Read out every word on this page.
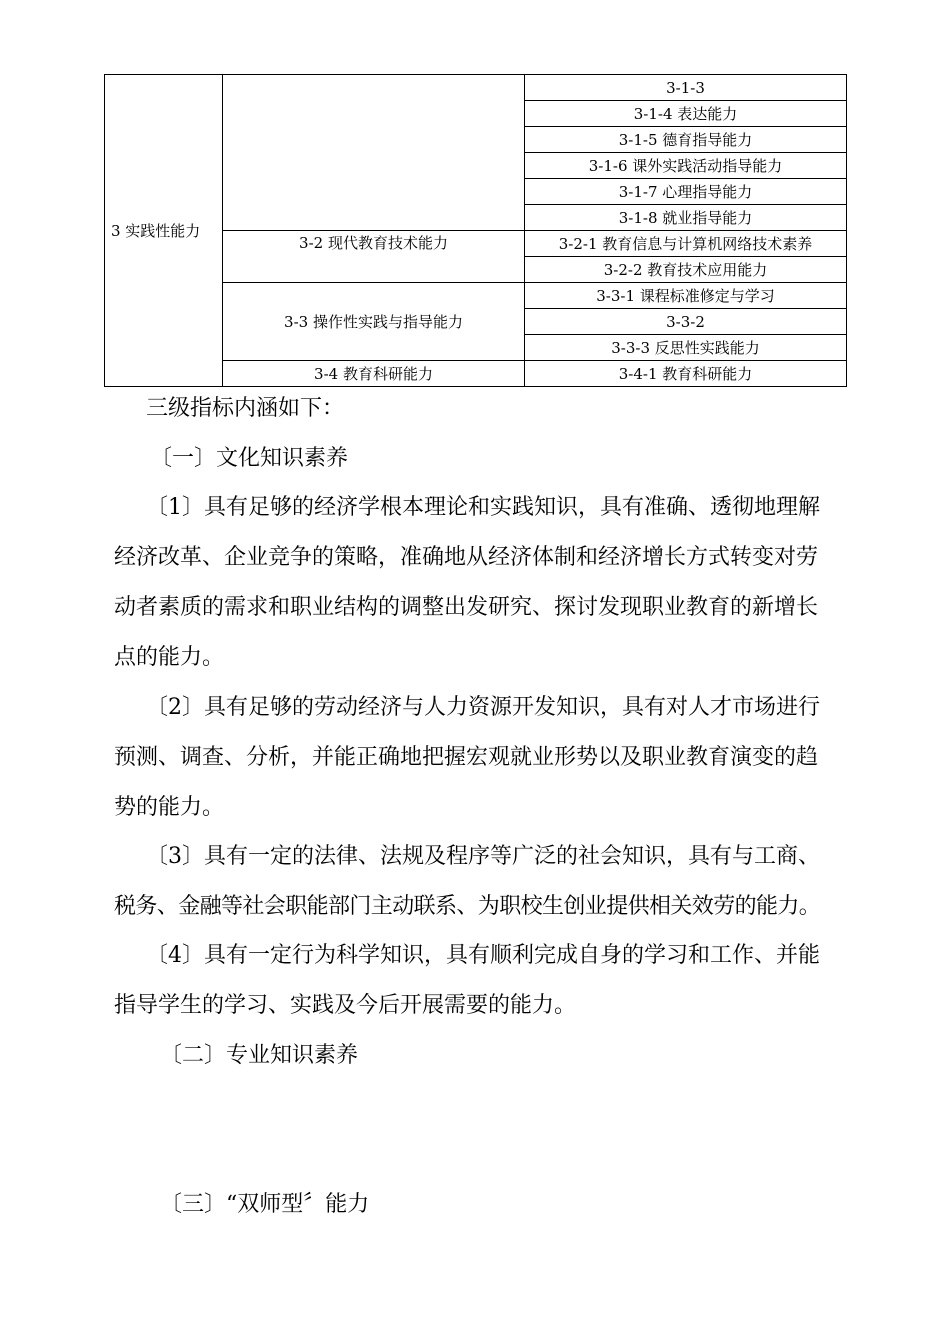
3 实践性能力		3-1-3
		3-1-4 表达能力
		3-1-5 德育指导能力
		3-1-6 课外实践活动指导能力
		3-1-7 心理指导能力
		3-1-8 就业指导能力
	3-2 现代教育技术能力	3-2-1 教育信息与计算机网络技术素养
		3-2-2 教育技术应用能力
	3-3 操作性实践与指导能力	3-3-1 课程标准修定与学习
		3-3-2
		3-3-3 反思性实践能力
	3-4 教育科研能力	3-4-1 教育科研能力
三级指标内涵如下：
〔一〕文化知识素养
〔1〕具有足够的经济学根本理论和实践知识，具有准确、透彻地理解
经济改革、企业竞争的策略，准确地从经济体制和经济增长方式转变对劳
动者素质的需求和职业结构的调整出发研究、探讨发现职业教育的新增长
点的能力。
〔2〕具有足够的劳动经济与人力资源开发知识，具有对人才市场进行
预测、调查、分析，并能正确地把握宏观就业形势以及职业教育演变的趋
势的能力。
〔3〕具有一定的法律、法规及程序等广泛的社会知识，具有与工商、
税务、金融等社会职能部门主动联系、为职校生创业提供相关效劳的能力。
〔4〕具有一定行为科学知识，具有顺利完成自身的学习和工作、并能
指导学生的学习、实践及今后开展需要的能力。
〔二〕专业知识素养
〔三〕“双师型〞能力
